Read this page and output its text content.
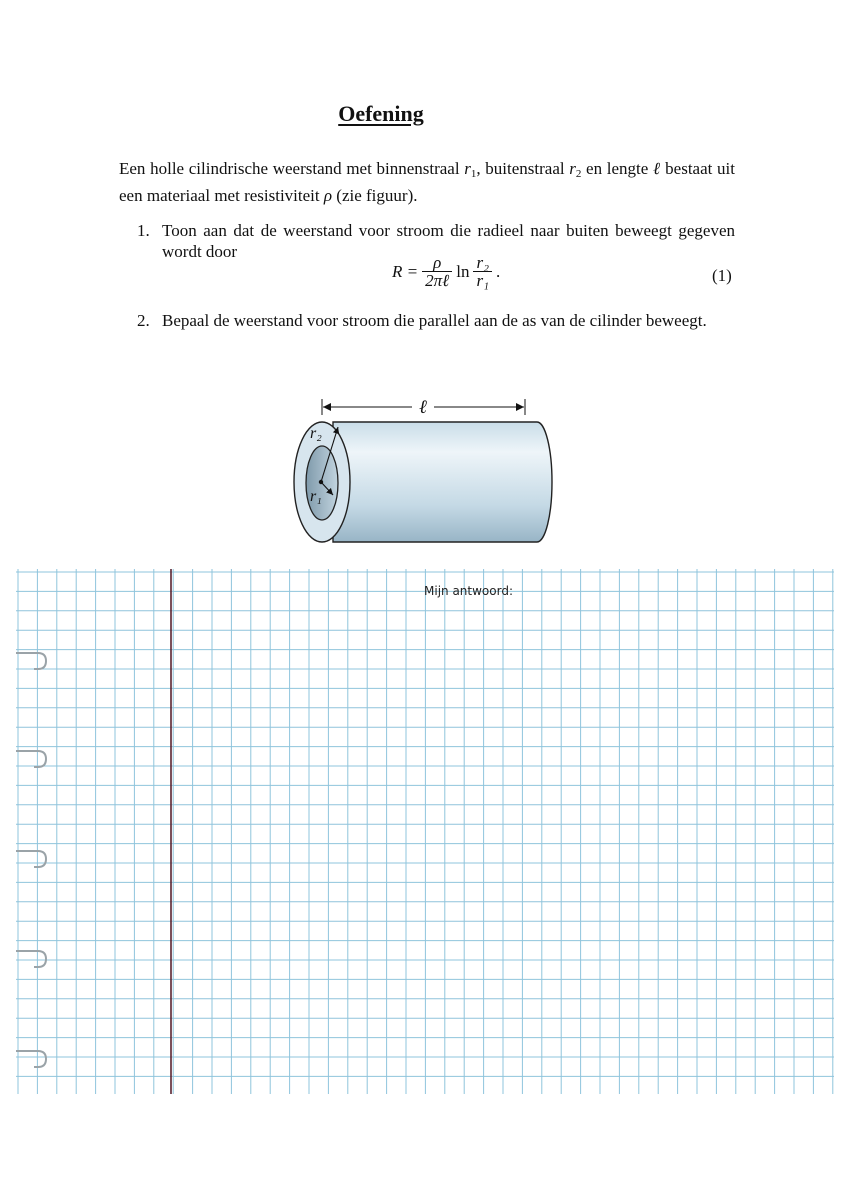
Oefening
Een holle cilindrische weerstand met binnenstraal $r_1$, buitenstraal $r_2$ en lengte ℓ bestaat uit een materiaal met resistiviteit ρ (zie figuur).
1. Toon aan dat de weerstand voor stroom die radieel naar buiten beweegt gegeven wordt door
$R = \frac{\rho}{\text{2πℓ}}$ $\ln \frac{\text{r₂}}{\text{r₁}}$ .	(1)
2. Bepaal de weerstand voor stroom die parallel aan de as van de cilinder beweegt.
ℓ
r₂
r₁
Mijn antwoord:
